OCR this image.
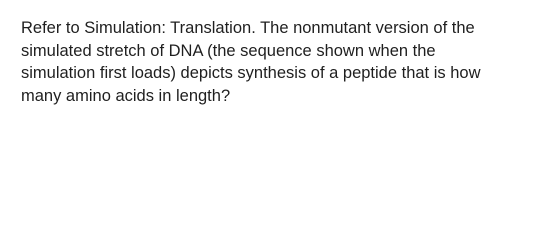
Refer to Simulation: Translation. The nonmutant version of the
simulated stretch of DNA (the sequence shown when the
simulation first loads) depicts synthesis of a peptide that is how
many amino acids in length?
